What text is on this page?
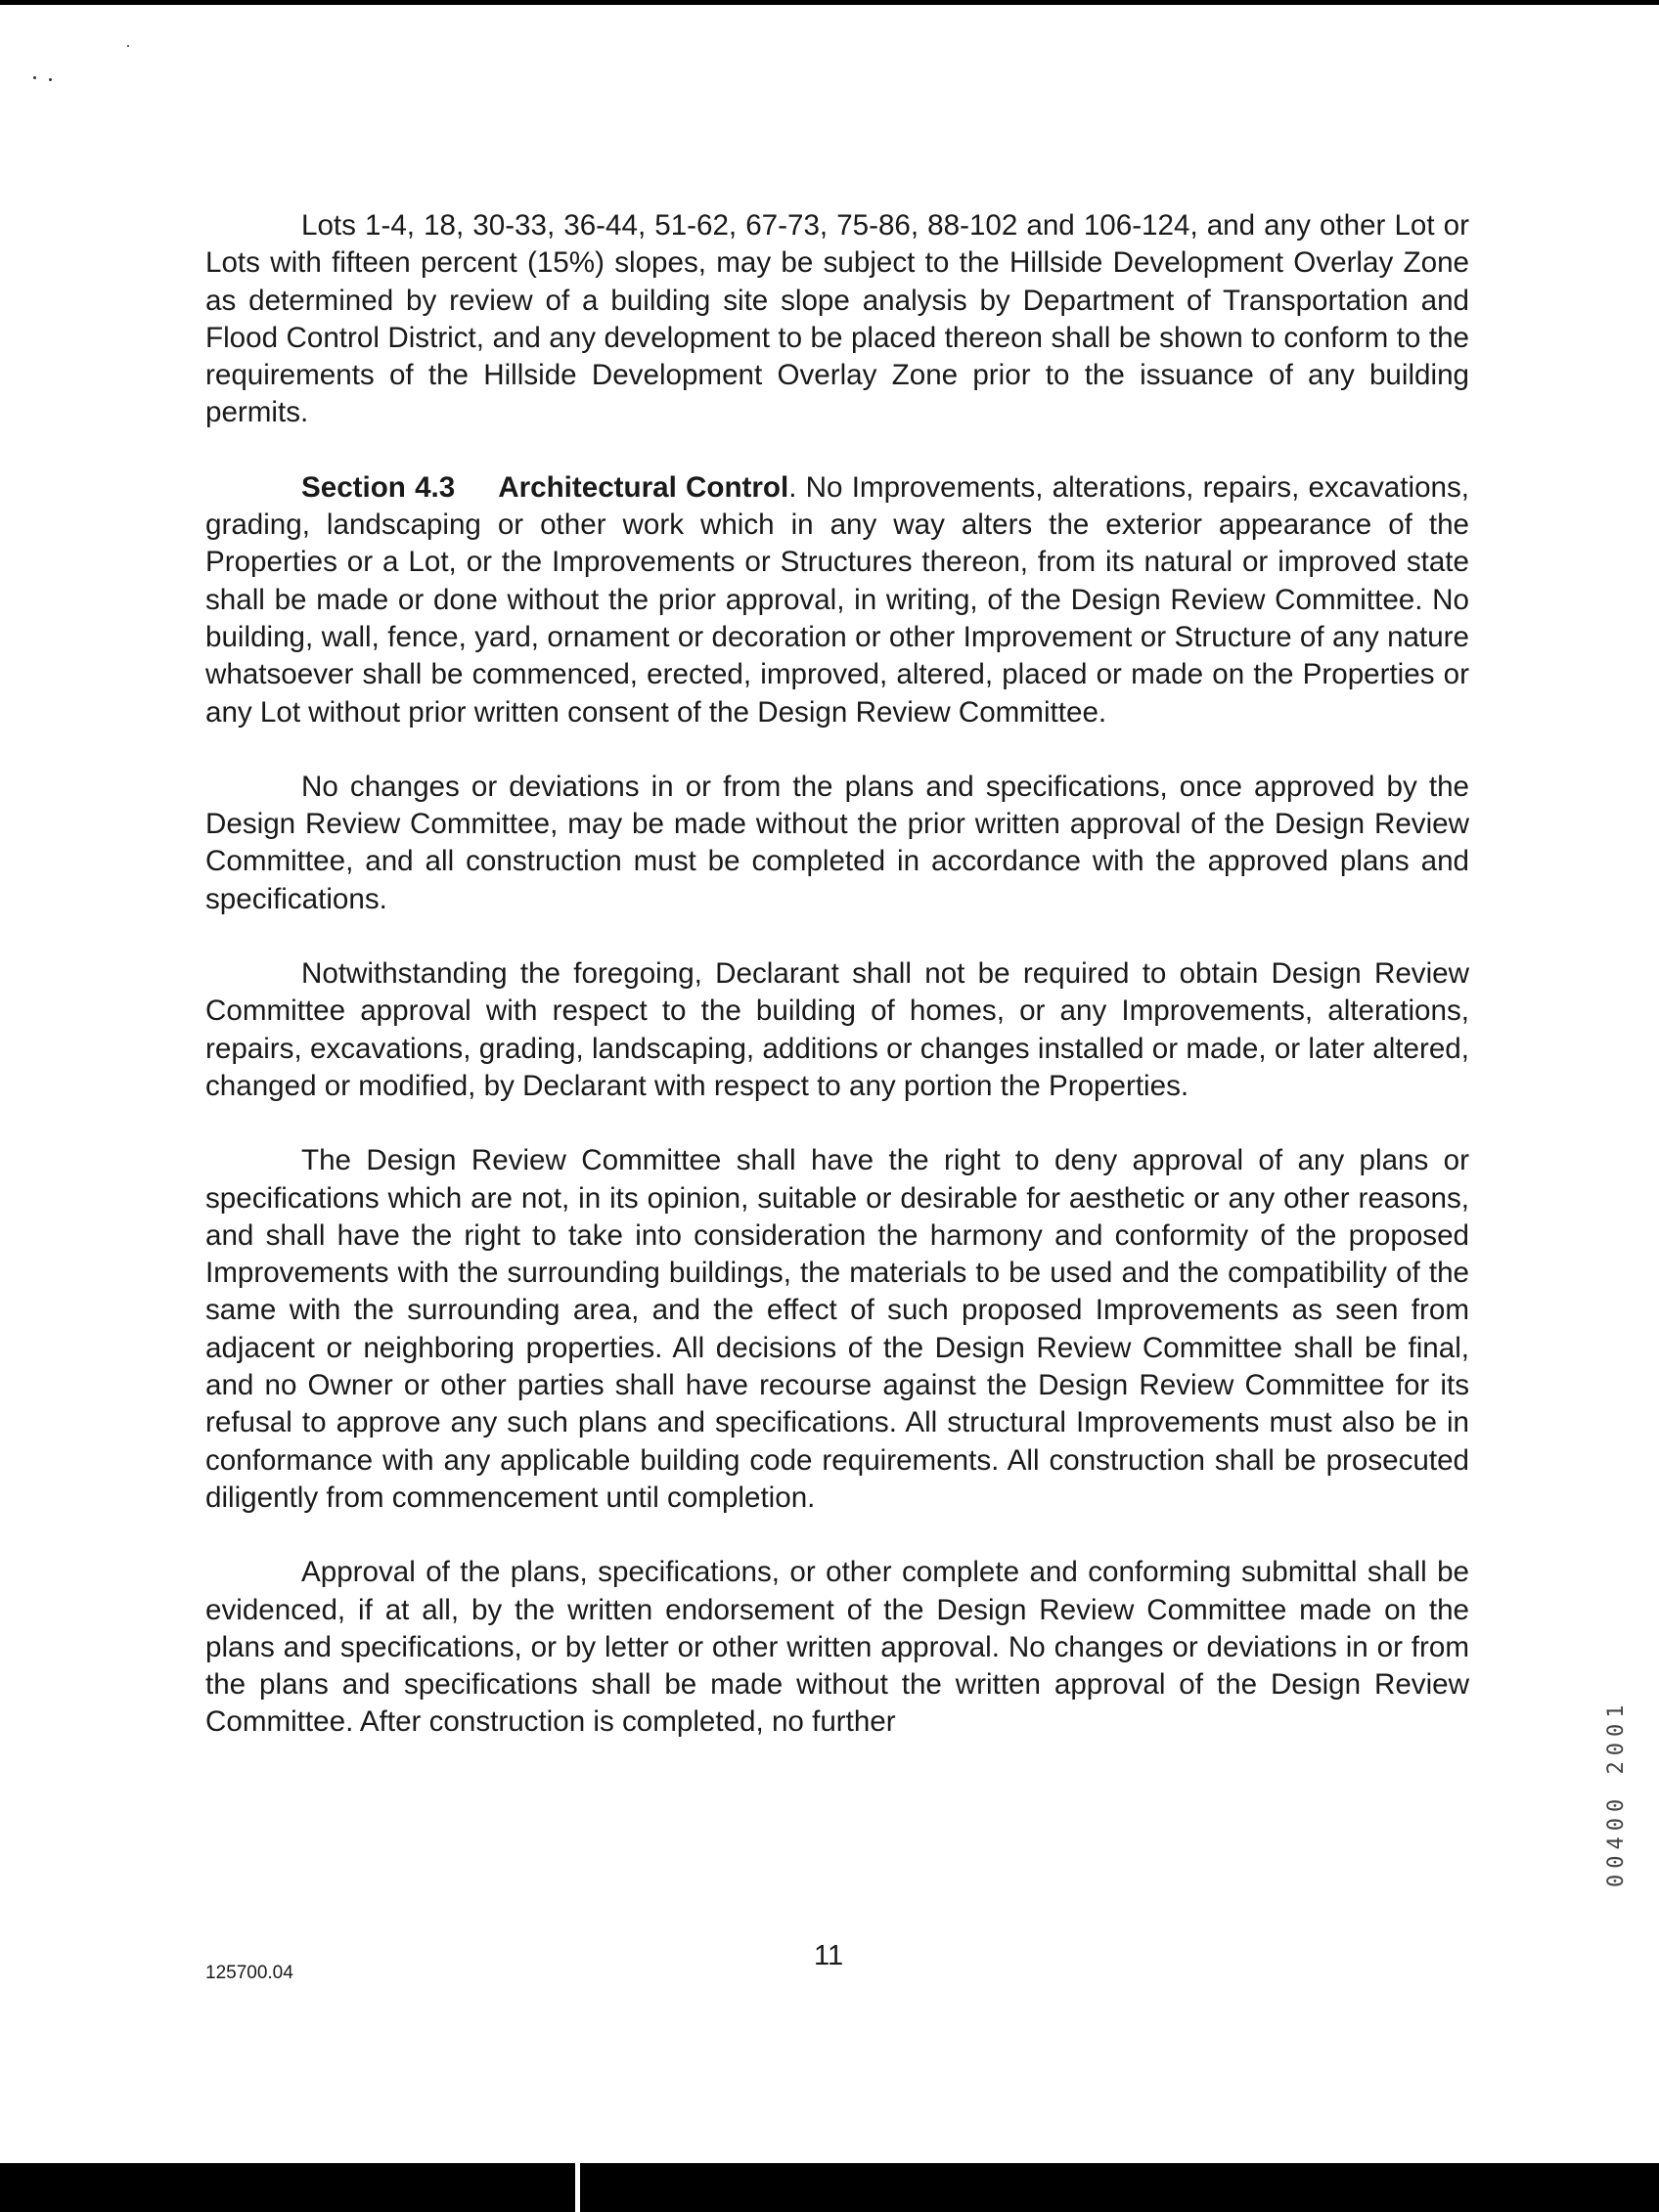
Lots 1-4, 18, 30-33, 36-44, 51-62, 67-73, 75-86, 88-102 and 106-124, and any other Lot or Lots with fifteen percent (15%) slopes, may be subject to the Hillside Development Overlay Zone as determined by review of a building site slope analysis by Department of Transportation and Flood Control District, and any development to be placed thereon shall be shown to conform to the requirements of the Hillside Development Overlay Zone prior to the issuance of any building permits.

Section 4.3 Architectural Control. No Improvements, alterations, repairs, excavations, grading, landscaping or other work which in any way alters the exterior appearance of the Properties or a Lot, or the Improvements or Structures thereon, from its natural or improved state shall be made or done without the prior approval, in writing, of the Design Review Committee. No building, wall, fence, yard, ornament or decoration or other Improvement or Structure of any nature whatsoever shall be commenced, erected, improved, altered, placed or made on the Properties or any Lot without prior written consent of the Design Review Committee.

No changes or deviations in or from the plans and specifications, once approved by the Design Review Committee, may be made without the prior written approval of the Design Review Committee, and all construction must be completed in accordance with the approved plans and specifications.

Notwithstanding the foregoing, Declarant shall not be required to obtain Design Review Committee approval with respect to the building of homes, or any Improvements, alterations, repairs, excavations, grading, landscaping, additions or changes installed or made, or later altered, changed or modified, by Declarant with respect to any portion the Properties.

The Design Review Committee shall have the right to deny approval of any plans or specifications which are not, in its opinion, suitable or desirable for aesthetic or any other reasons, and shall have the right to take into consideration the harmony and conformity of the proposed Improvements with the surrounding buildings, the materials to be used and the compatibility of the same with the surrounding area, and the effect of such proposed Improvements as seen from adjacent or neighboring properties. All decisions of the Design Review Committee shall be final, and no Owner or other parties shall have recourse against the Design Review Committee for its refusal to approve any such plans and specifications. All structural Improvements must also be in conformance with any applicable building code requirements. All construction shall be prosecuted diligently from commencement until completion.

Approval of the plans, specifications, or other complete and conforming submittal shall be evidenced, if at all, by the written endorsement of the Design Review Committee made on the plans and specifications, or by letter or other written approval. No changes or deviations in or from the plans and specifications shall be made without the written approval of the Design Review Committee. After construction is completed, no further

125700.04
11
00400 2001
